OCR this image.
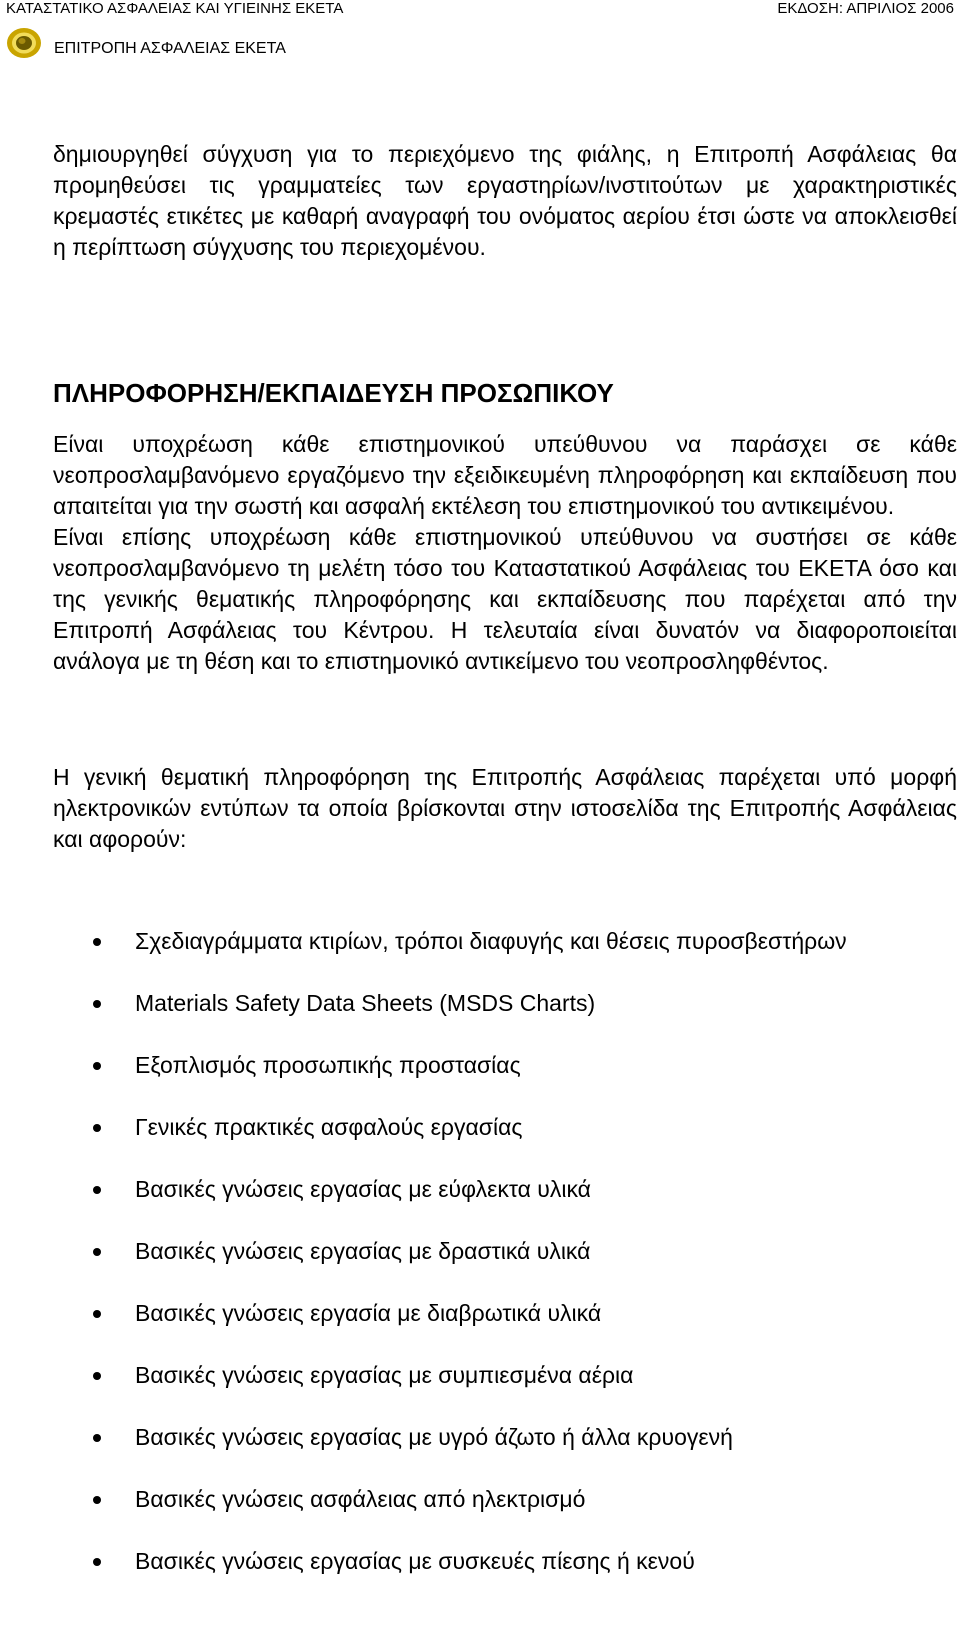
ΚΑΤΑΣΤΑΤΙΚΟ ΑΣΦΑΛΕΙΑΣ ΚΑΙ ΥΓΙΕΙΝΗΣ ΕΚΕΤΑ	ΕΚΔΟΣΗ: ΑΠΡΙΛΙΟΣ 2006
ΕΠΙΤΡΟΠΗ ΑΣΦΑΛΕΙΑΣ ΕΚΕΤΑ

δημιουργηθεί σύγχυση για το περιεχόμενο της φιάλης, η Επιτροπή Ασφάλειας θα προμηθεύσει τις γραμματείες των εργαστηρίων/ινστιτούτων με χαρακτηριστικές κρεμαστές ετικέτες με καθαρή αναγραφή του ονόματος αερίου έτσι ώστε να αποκλεισθεί η περίπτωση σύγχυσης του περιεχομένου.

ΠΛΗΡΟΦΟΡΗΣΗ/ΕΚΠΑΙΔΕΥΣΗ ΠΡΟΣΩΠΙΚΟΥ

Είναι υποχρέωση κάθε επιστημονικού υπεύθυνου να παράσχει σε κάθε νεοπροσλαμβανόμενο εργαζόμενο την εξειδικευμένη πληροφόρηση και εκπαίδευση που απαιτείται για την σωστή και ασφαλή εκτέλεση του επιστημονικού του αντικειμένου.

Είναι επίσης υποχρέωση κάθε επιστημονικού υπεύθυνου να συστήσει σε κάθε νεοπροσλαμβανόμενο τη μελέτη τόσο του Καταστατικού Ασφάλειας του ΕΚΕΤΑ όσο και της γενικής θεματικής πληροφόρησης και εκπαίδευσης που παρέχεται από την Επιτροπή Ασφάλειας του Κέντρου. Η τελευταία είναι δυνατόν να διαφοροποιείται ανάλογα με τη θέση και το επιστημονικό αντικείμενο του νεοπροσληφθέντος.

Η γενική θεματική πληροφόρηση της Επιτροπής Ασφάλειας παρέχεται υπό μορφή ηλεκτρονικών εντύπων τα οποία βρίσκονται στην ιστοσελίδα της Επιτροπής Ασφάλειας και αφορούν:

Σχεδιαγράμματα κτιρίων, τρόποι διαφυγής και θέσεις πυροσβεστήρων
Materials Safety Data Sheets (MSDS Charts)
Εξοπλισμός προσωπικής προστασίας
Γενικές πρακτικές ασφαλούς εργασίας
Βασικές γνώσεις εργασίας με εύφλεκτα υλικά
Βασικές γνώσεις εργασίας με δραστικά υλικά
Βασικές γνώσεις εργασία με διαβρωτικά υλικά
Βασικές γνώσεις εργασίας με συμπιεσμένα αέρια
Βασικές γνώσεις εργασίας με υγρό άζωτο ή άλλα κρυογενή
Βασικές γνώσεις ασφάλειας από ηλεκτρισμό
Βασικές γνώσεις εργασίας με συσκευές πίεσης ή κενού
